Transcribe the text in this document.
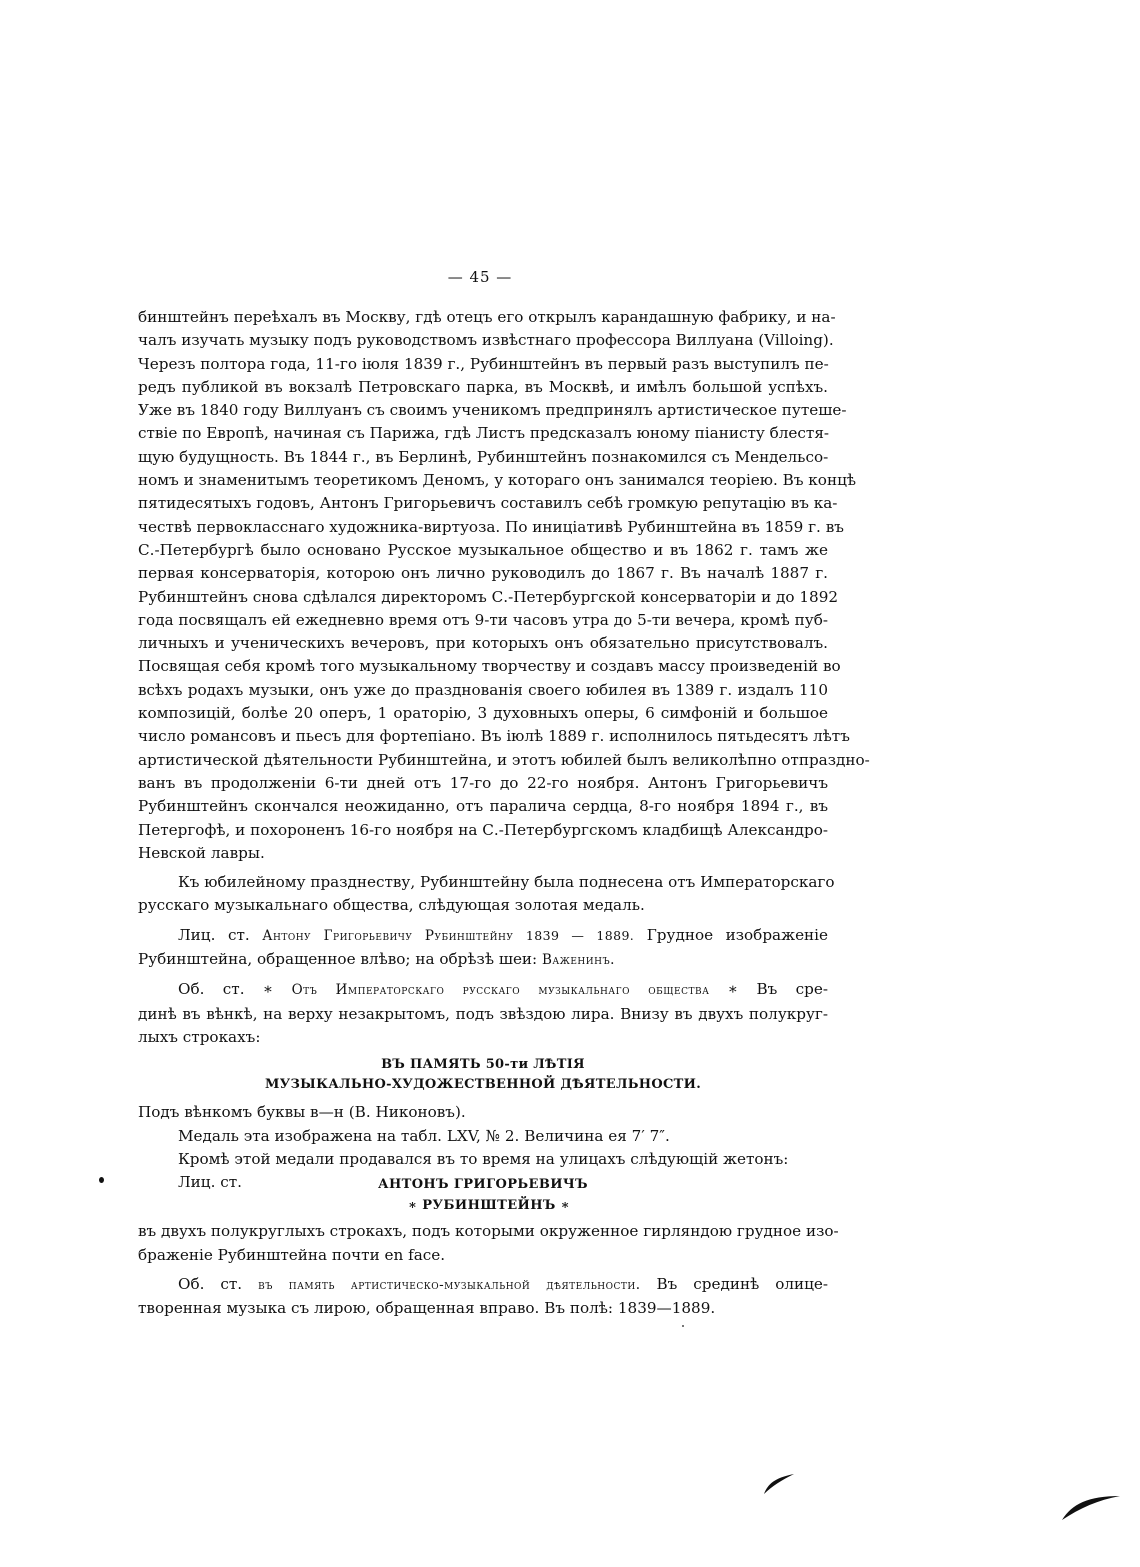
— 45 —
бинштейнъ переѣхалъ въ Москву, гдѣ отецъ его открылъ карандашную фабрику, и на-
чалъ изучать музыку подъ руководствомъ извѣстнаго профессора Виллуана (Villoing).
Черезъ полтора года, 11-го іюля 1839 г., Рубинштейнъ въ первый разъ выступилъ пе-
редъ публикой въ вокзалѣ Петровскаго парка, въ Москвѣ, и имѣлъ большой успѣхъ.
Уже въ 1840 году Виллуанъ съ своимъ ученикомъ предпринялъ артистическое путеше-
ствіе по Европѣ, начиная съ Парижа, гдѣ Листъ предсказалъ юному піанисту блестя-
щую будущность. Въ 1844 г., въ Берлинѣ, Рубинштейнъ познакомился съ Мендельсо-
номъ и знаменитымъ теоретикомъ Деномъ, у котораго онъ занимался теоріею. Въ концѣ
пятидесятыхъ годовъ, Антонъ Григорьевичъ составилъ себѣ громкую репутацію въ ка-
чествѣ первокласснаго художника-виртуоза. По иниціативѣ Рубинштейна въ 1859 г. въ
С.-Петербургѣ было основано Русское музыкальное общество и въ 1862 г. тамъ же
первая консерваторія, которою онъ лично руководилъ до 1867 г. Въ началѣ 1887 г.
Рубинштейнъ снова сдѣлался директоромъ С.-Петербургской консерваторіи и до 1892
года посвящалъ ей ежедневно время отъ 9-ти часовъ утра до 5-ти вечера, кромѣ пуб-
личныхъ и ученическихъ вечеровъ, при которыхъ онъ обязательно присутствовалъ.
Посвящая себя кромѣ того музыкальному творчеству и создавъ массу произведеній во
всѣхъ родахъ музыки, онъ уже до празднованія своего юбилея въ 1389 г. издалъ 110
композицій, болѣе 20 оперъ, 1 ораторію, 3 духовныхъ оперы, 6 симфоній и большое
число романсовъ и пьесъ для фортепіано. Въ іюлѣ 1889 г. исполнилось пятьдесятъ лѣтъ
артистической дѣятельности Рубинштейна, и этотъ юбилей былъ великолѣпно отпраздно-
ванъ въ продолженіи 6-ти дней отъ 17-го до 22-го ноября. Антонъ Григорьевичъ
Рубинштейнъ скончался неожиданно, отъ паралича сердца, 8-го ноября 1894 г., въ
Петергофѣ, и похороненъ 16-го ноября на С.-Петербургскомъ кладбищѣ Александро-
Невской лавры.
Къ юбилейному празднеству, Рубинштейну была поднесена отъ Императорскаго
русскаго музыкальнаго общества, слѣдующая золотая медаль.
Лиц. ст. Антону Григорьевичу Рубинштейну 1839 — 1889. Грудное изображеніе
Рубинштейна, обращенное влѣво; на обрѣзѣ шеи: Важенинъ.
Об. ст. ∗ Отъ Императорскаго русскаго музыкальнаго общества ∗ Въ сре-
динѣ въ вѣнкѣ, на верху незакрытомъ, подъ звѣздою лира. Внизу въ двухъ полукруг-
лыхъ строкахъ:
ВЪ ПАМЯТЬ 50-ти ЛѢТІЯ
МУЗЫКАЛЬНО-ХУДОЖЕСТВЕННОЙ ДѢЯТЕЛЬНОСТИ.
Подъ вѣнкомъ буквы в—н (В. Никоновъ).
Медаль эта изображена на табл. LXV, № 2. Величина ея 7′ 7″.
Кромѣ этой медали продавался въ то время на улицахъ слѣдующій жетонъ:
Лиц. ст.	АНТОНЪ ГРИГОРЬЕВИЧЪ
∗ РУБИНШТЕЙНЪ ∗
въ двухъ полукруглыхъ строкахъ, подъ которыми окруженное гирляндою грудное изо-
браженіе Рубинштейна почти en face.
Об. ст. въ память артистическо-музыкальной дѣятельности. Въ срединѣ олице-
творенная музыка съ лирою, обращенная вправо. Въ полѣ: 1839—1889.
